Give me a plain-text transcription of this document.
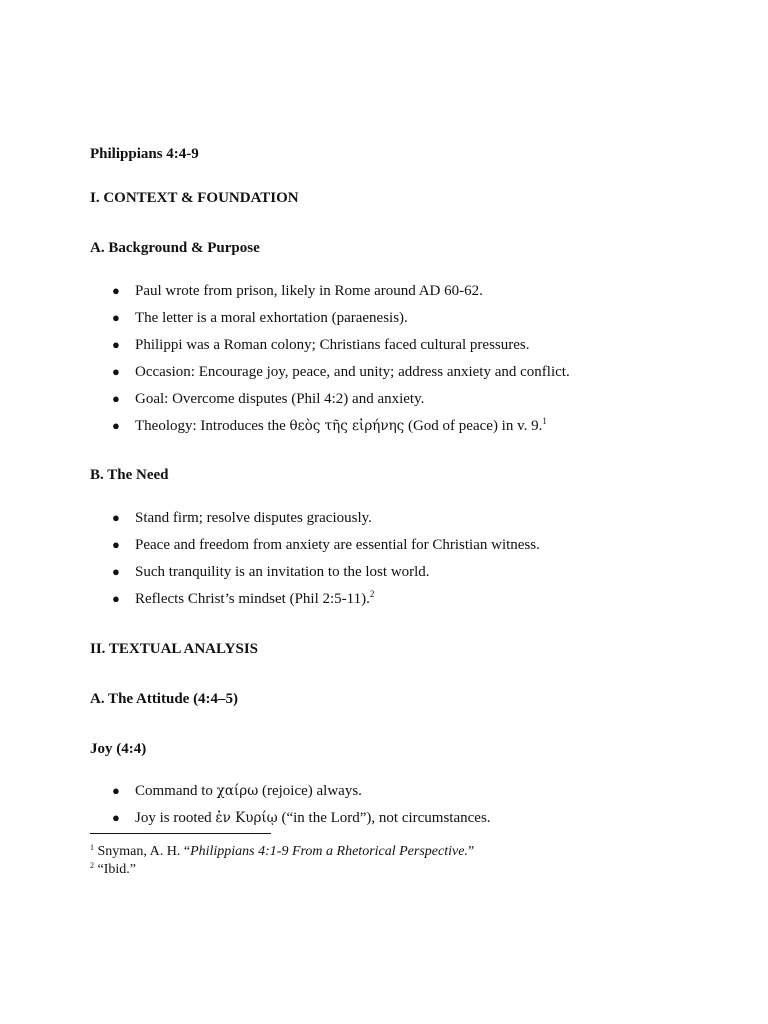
Philippians 4:4-9
I. CONTEXT & FOUNDATION
A. Background & Purpose
● Paul wrote from prison, likely in Rome around AD 60-62.
● The letter is a moral exhortation (paraenesis).
● Philippi was a Roman colony; Christians faced cultural pressures.
● Occasion: Encourage joy, peace, and unity; address anxiety and conflict.
● Goal: Overcome disputes (Phil 4:2) and anxiety.
● Theology: Introduces the θεὸς τῆς εἰρήνης (God of peace) in v. 9.$^1$
B. The Need
● Stand firm; resolve disputes graciously.
● Peace and freedom from anxiety are essential for Christian witness.
● Such tranquility is an invitation to the lost world.
● Reflects Christ’s mindset (Phil 2:5-11).$^2$
II. TEXTUAL ANALYSIS
A. The Attitude (4:4–5)
Joy (4:4)
● Command to χαίρω (rejoice) always.
● Joy is rooted ἐν Κυρίῳ (“in the Lord”), not circumstances.
$^1$ Snyman, A. H. “Philippians 4:1-9 From a Rhetorical Perspective.”
$^2$ “Ibid.”
